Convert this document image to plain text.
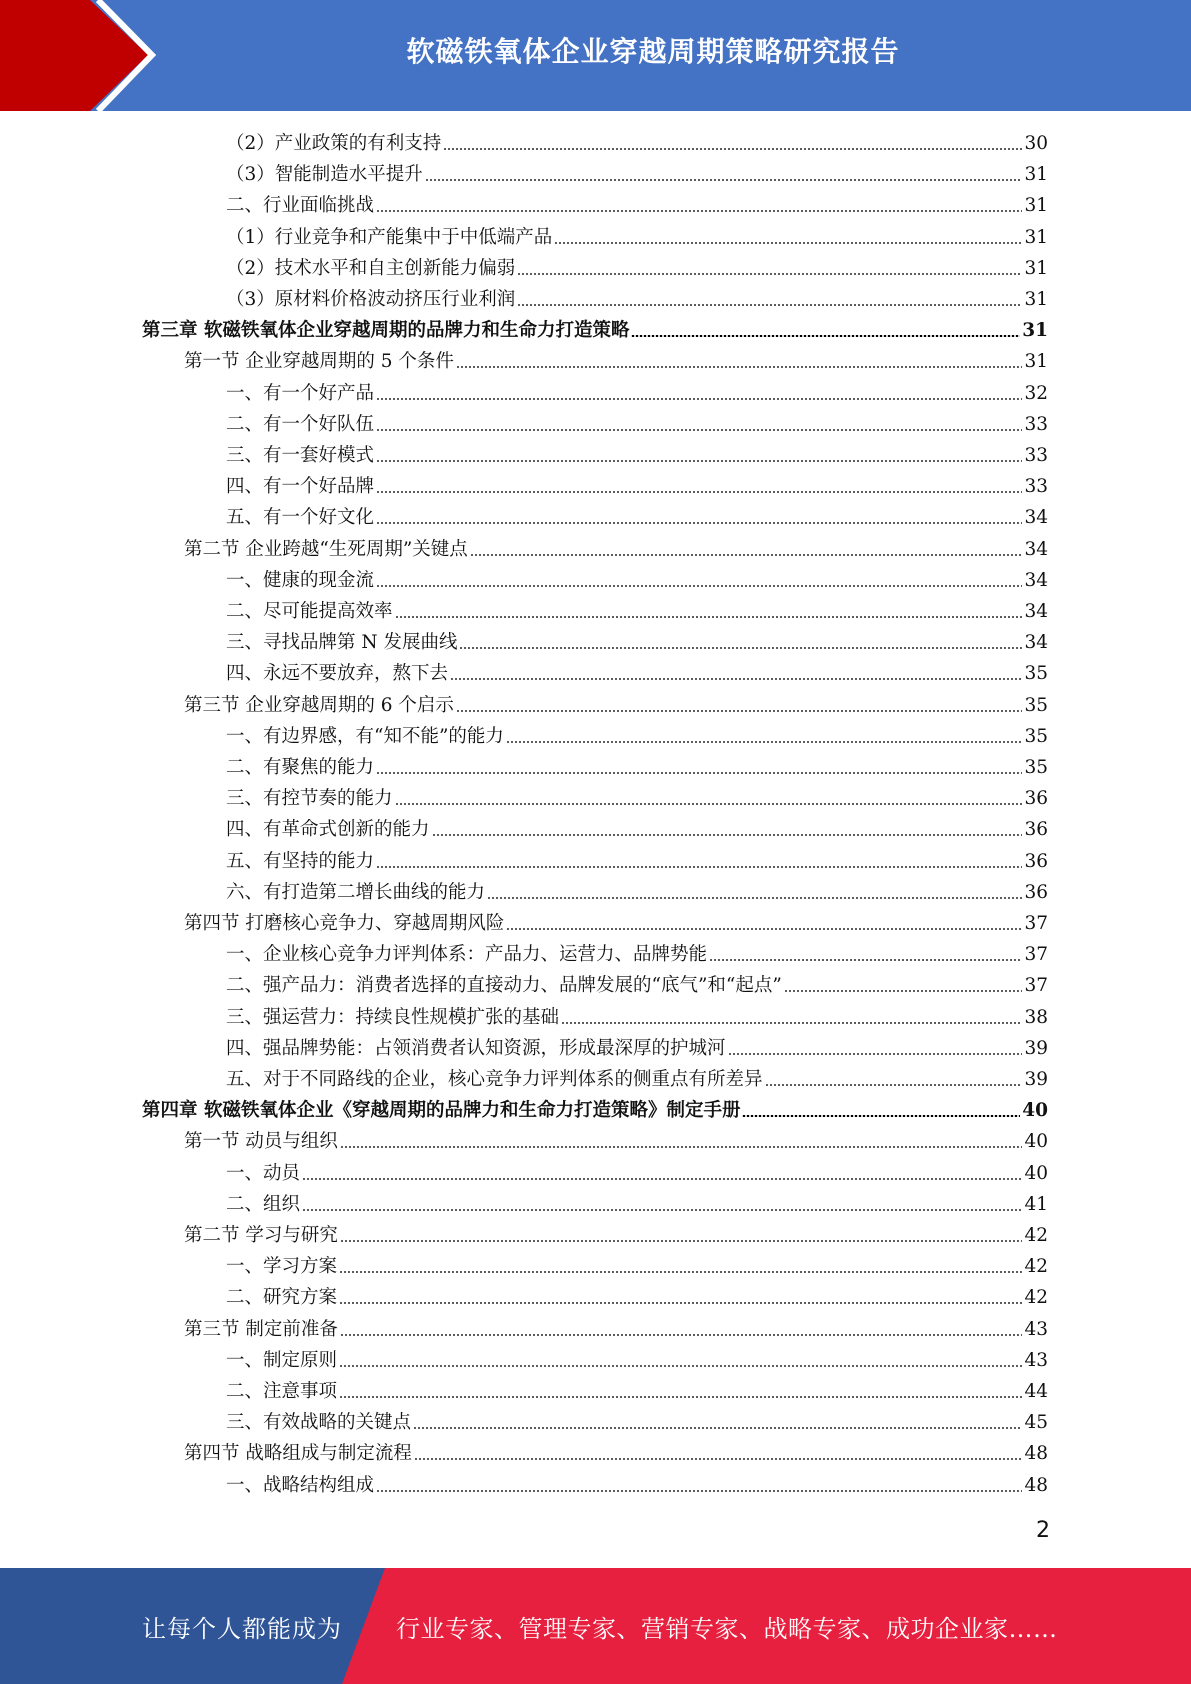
软磁铁氧体企业穿越周期策略研究报告
（2）产业政策的有利支持	30
（3）智能制造水平提升	31
二、行业面临挑战	31
（1）行业竞争和产能集中于中低端产品	31
（2）技术水平和自主创新能力偏弱	31
（3）原材料价格波动挤压行业利润	31
第三章 软磁铁氧体企业穿越周期的品牌力和生命力打造策略	31
第一节 企业穿越周期的 5 个条件	31
一、有一个好产品	32
二、有一个好队伍	33
三、有一套好模式	33
四、有一个好品牌	33
五、有一个好文化	34
第二节 企业跨越“生死周期”关键点	34
一、健康的现金流	34
二、尽可能提高效率	34
三、寻找品牌第 N 发展曲线	34
四、永远不要放弃，熬下去	35
第三节 企业穿越周期的 6 个启示	35
一、有边界感，有“知不能”的能力	35
二、有聚焦的能力	35
三、有控节奏的能力	36
四、有革命式创新的能力	36
五、有坚持的能力	36
六、有打造第二增长曲线的能力	36
第四节 打磨核心竞争力、穿越周期风险	37
一、企业核心竞争力评判体系：产品力、运营力、品牌势能	37
二、强产品力：消费者选择的直接动力、品牌发展的“底气”和“起点”	37
三、强运营力：持续良性规模扩张的基础	38
四、强品牌势能：占领消费者认知资源，形成最深厚的护城河	39
五、对于不同路线的企业，核心竞争力评判体系的侧重点有所差异	39
第四章 软磁铁氧体企业《穿越周期的品牌力和生命力打造策略》制定手册	40
第一节 动员与组织	40
一、动员	40
二、组织	41
第二节 学习与研究	42
一、学习方案	42
二、研究方案	42
第三节 制定前准备	43
一、制定原则	43
二、注意事项	44
三、有效战略的关键点	45
第四节 战略组成与制定流程	48
一、战略结构组成	48
2
让每个人都能成为 行业专家、管理专家、营销专家、战略专家、成功企业家……
